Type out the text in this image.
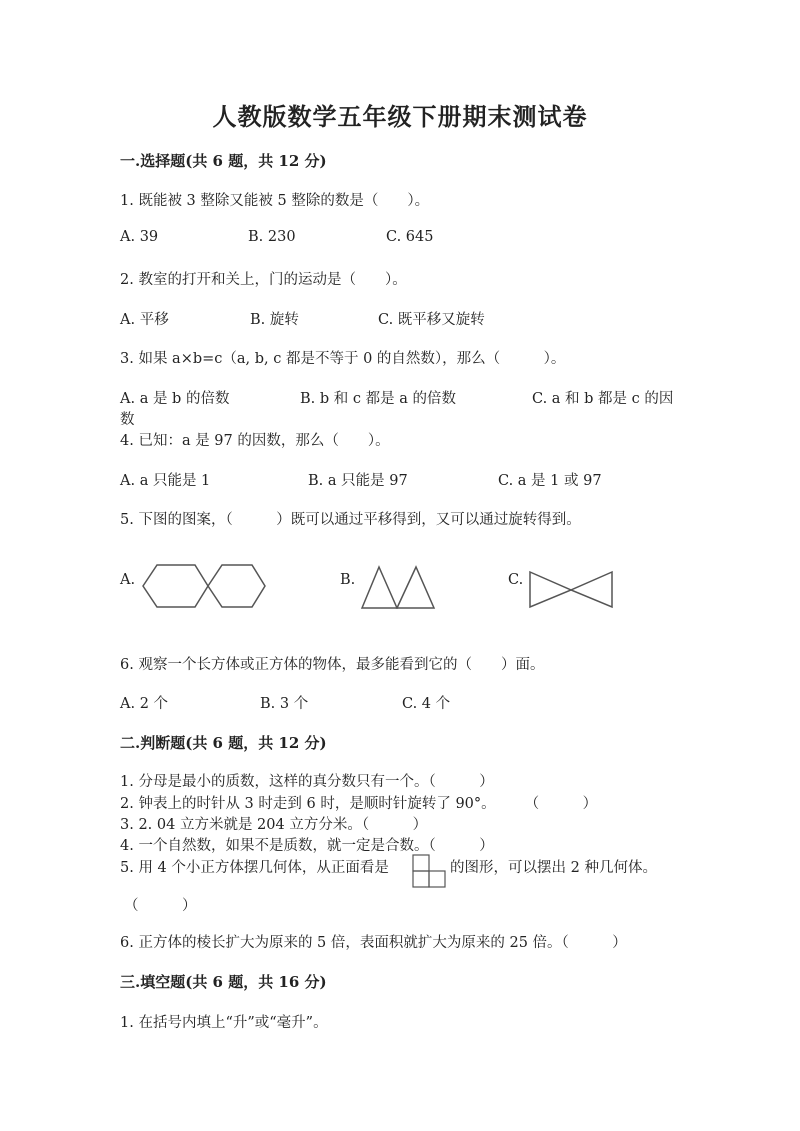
人教版数学五年级下册期末测试卷
一.选择题(共 6 题，共 12 分)
1. 既能被 3 整除又能被 5 整除的数是（　　）。
A. 39	B. 230	C. 645
2. 教室的打开和关上，门的运动是（　　）。
A. 平移	B. 旋转	C. 既平移又旋转
3. 如果 a×b=c（a, b, c 都是不等于 0 的自然数），那么（　　　）。
A. a 是 b 的倍数	B. b 和 c 都是 a 的倍数	C. a 和 b 都是 c 的因
数
4. 已知：a 是 97 的因数，那么（　　）。
A. a 只能是 1	B. a 只能是 97	C. a 是 1 或 97
5. 下图的图案，（　　　）既可以通过平移得到，又可以通过旋转得到。
A.	B.	C.
6. 观察一个长方体或正方体的物体，最多能看到它的（　　）面。
A. 2 个	B. 3 个	C. 4 个
二.判断题(共 6 题，共 12 分)
1. 分母是最小的质数，这样的真分数只有一个。（　　　）
2. 钟表上的时针从 3 时走到 6 时，是顺时针旋转了 90°。　　　（　　　）
3. 2. 04 立方米就是 204 立方分米。（　　　）
4. 一个自然数，如果不是质数，就一定是合数。（　　　）
5. 用 4 个小正方体摆几何体，从正面看是	的图形，可以摆出 2 种几何体。
（　　　）
6. 正方体的棱长扩大为原来的 5 倍，表面积就扩大为原来的 25 倍。（　　　）
三.填空题(共 6 题，共 16 分)
1. 在括号内填上“升”或“毫升”。
